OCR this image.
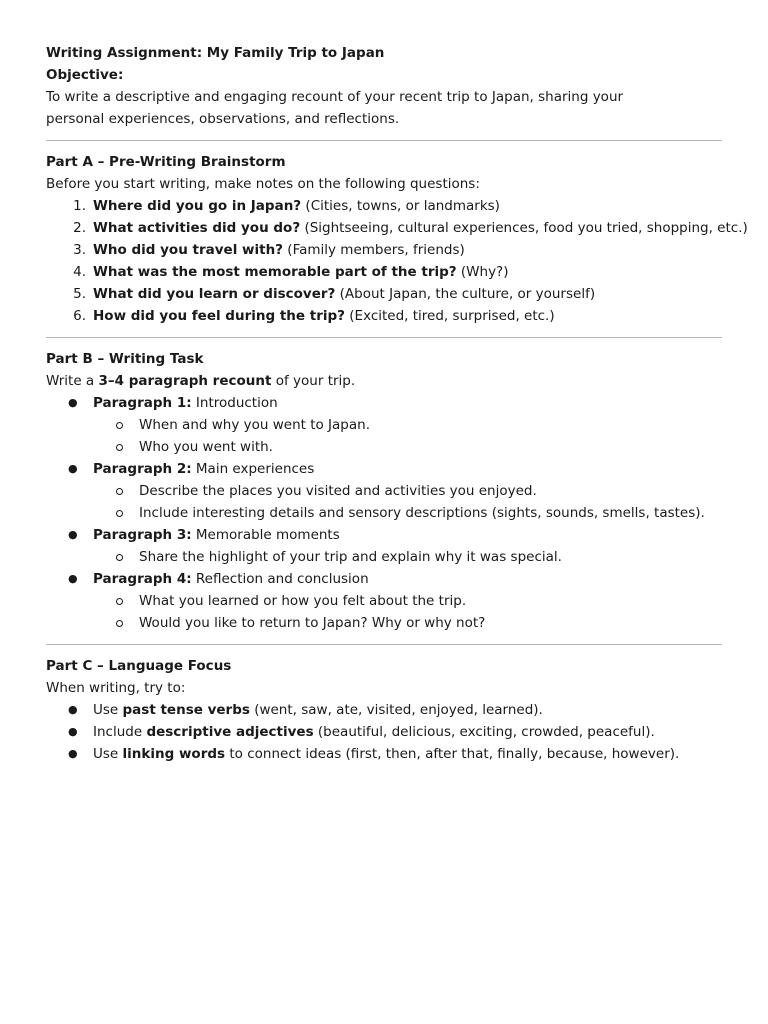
Writing Assignment: My Family Trip to Japan
Objective:
To write a descriptive and engaging recount of your recent trip to Japan, sharing your personal experiences, observations, and reflections.
Part A – Pre-Writing Brainstorm
Before you start writing, make notes on the following questions:
1. Where did you go in Japan? (Cities, towns, or landmarks)
2. What activities did you do? (Sightseeing, cultural experiences, food you tried, shopping, etc.)
3. Who did you travel with? (Family members, friends)
4. What was the most memorable part of the trip? (Why?)
5. What did you learn or discover? (About Japan, the culture, or yourself)
6. How did you feel during the trip? (Excited, tired, surprised, etc.)
Part B – Writing Task
Write a 3–4 paragraph recount of your trip.
● Paragraph 1: Introduction
When and why you went to Japan.
Who you went with.
● Paragraph 2: Main experiences
Describe the places you visited and activities you enjoyed.
Include interesting details and sensory descriptions (sights, sounds, smells, tastes).
● Paragraph 3: Memorable moments
Share the highlight of your trip and explain why it was special.
● Paragraph 4: Reflection and conclusion
What you learned or how you felt about the trip.
Would you like to return to Japan? Why or why not?
Part C – Language Focus
When writing, try to:
● Use past tense verbs (went, saw, ate, visited, enjoyed, learned).
● Include descriptive adjectives (beautiful, delicious, exciting, crowded, peaceful).
● Use linking words to connect ideas (first, then, after that, finally, because, however).
